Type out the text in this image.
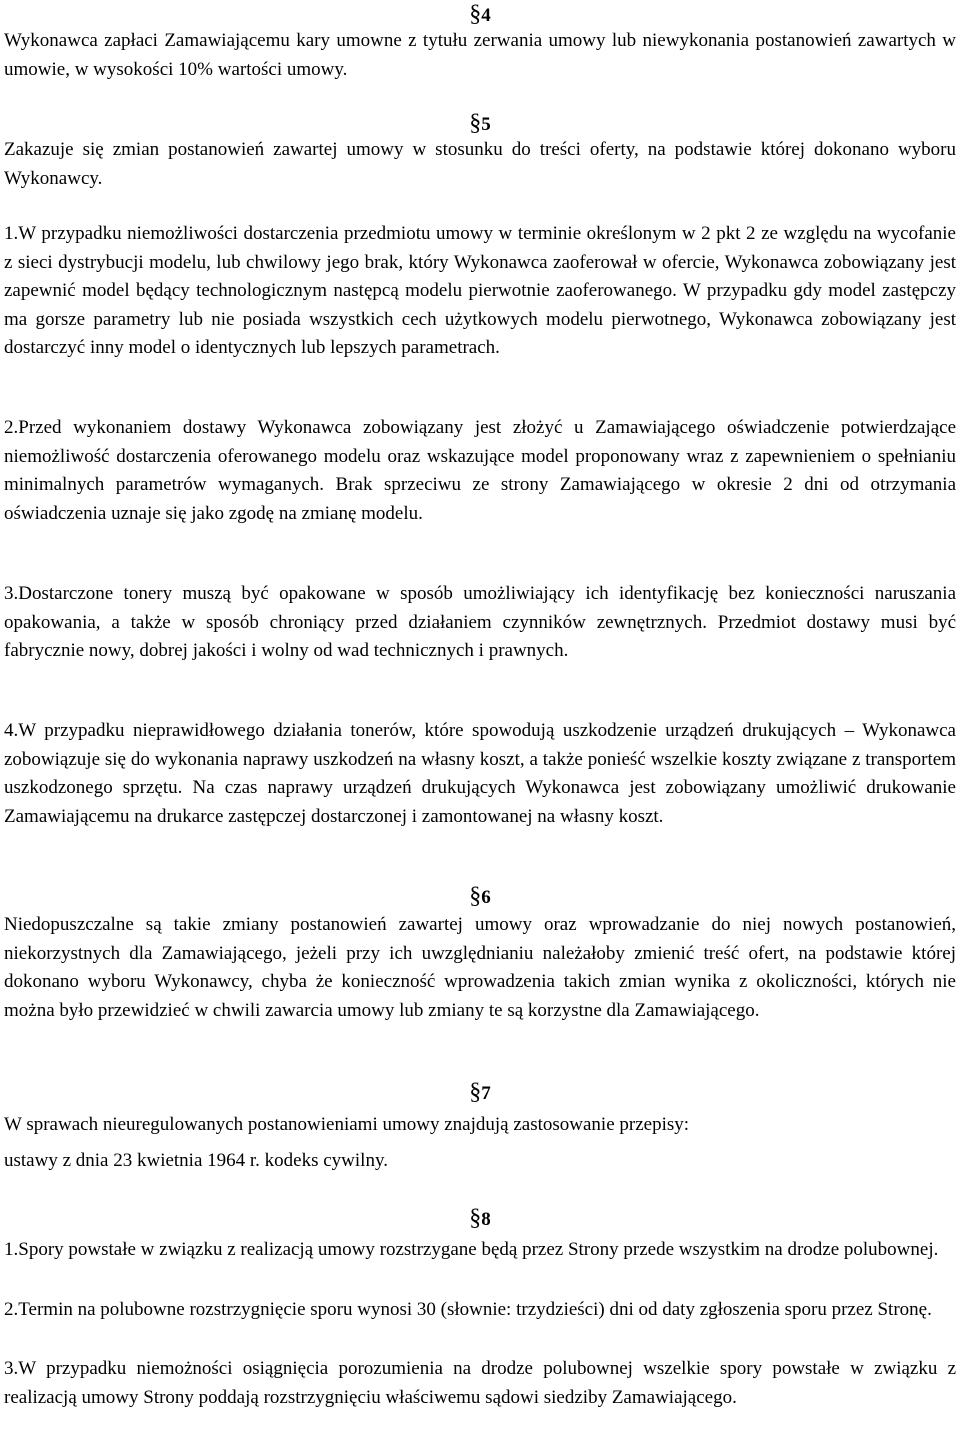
§4

Wykonawca zapłaci Zamawiającemu kary umowne z tytułu zerwania umowy lub niewykonania postanowień zawartych w umowie, w wysokości 10% wartości umowy.

§5

Zakazuje się zmian postanowień zawartej umowy w stosunku do treści oferty, na podstawie której dokonano wyboru Wykonawcy.

1.W przypadku niemożliwości dostarczenia przedmiotu umowy w terminie określonym w 2 pkt 2 ze względu na wycofanie z sieci dystrybucji modelu, lub chwilowy jego brak, który Wykonawca zaoferował w ofercie, Wykonawca zobowiązany jest zapewnić model będący technologicznym następcą modelu pierwotnie zaoferowanego. W przypadku gdy model zastępczy ma gorsze parametry lub nie posiada wszystkich cech użytkowych modelu pierwotnego, Wykonawca zobowiązany jest dostarczyć inny model o identycznych lub lepszych parametrach.

2.Przed wykonaniem dostawy Wykonawca zobowiązany jest złożyć u Zamawiającego oświadczenie potwierdzające niemożliwość dostarczenia oferowanego modelu oraz wskazujące model proponowany wraz z zapewnieniem o spełnianiu minimalnych parametrów wymaganych. Brak sprzeciwu ze strony Zamawiającego w okresie 2 dni od otrzymania oświadczenia uznaje się jako zgodę na zmianę modelu.

3.Dostarczone tonery muszą być opakowane w sposób umożliwiający ich identyfikację bez konieczności naruszania opakowania, a także w sposób chroniący przed działaniem czynników zewnętrznych. Przedmiot dostawy musi być fabrycznie nowy, dobrej jakości i wolny od wad technicznych i prawnych.

4.W przypadku nieprawidłowego działania tonerów, które spowodują uszkodzenie urządzeń drukujących – Wykonawca zobowiązuje się do wykonania naprawy uszkodzeń na własny koszt, a także ponieść wszelkie koszty związane z transportem uszkodzonego sprzętu. Na czas naprawy urządzeń drukujących Wykonawca jest zobowiązany umożliwić drukowanie Zamawiającemu na drukarce zastępczej dostarczonej i zamontowanej na własny koszt.

§6

Niedopuszczalne są takie zmiany postanowień zawartej umowy oraz wprowadzanie do niej nowych postanowień, niekorzystnych dla Zamawiającego, jeżeli przy ich uwzględnianiu należałoby zmienić treść ofert, na podstawie której dokonano wyboru Wykonawcy, chyba że konieczność wprowadzenia takich zmian wynika z okoliczności, których nie można było przewidzieć w chwili zawarcia umowy lub zmiany te są korzystne dla Zamawiającego.

§7

W sprawach nieuregulowanych postanowieniami umowy znajdują zastosowanie przepisy:

ustawy z dnia 23 kwietnia 1964 r. kodeks cywilny.

§8

1.Spory powstałe w związku z realizacją umowy rozstrzygane będą przez Strony przede wszystkim na drodze polubownej.

2.Termin na polubowne rozstrzygnięcie sporu wynosi 30 (słownie: trzydzieści) dni od daty zgłoszenia sporu przez Stronę.

3.W przypadku niemożności osiągnięcia porozumienia na drodze polubownej wszelkie spory powstałe w związku z realizacją umowy Strony poddają rozstrzygnięciu właściwemu sądowi siedziby Zamawiającego.
